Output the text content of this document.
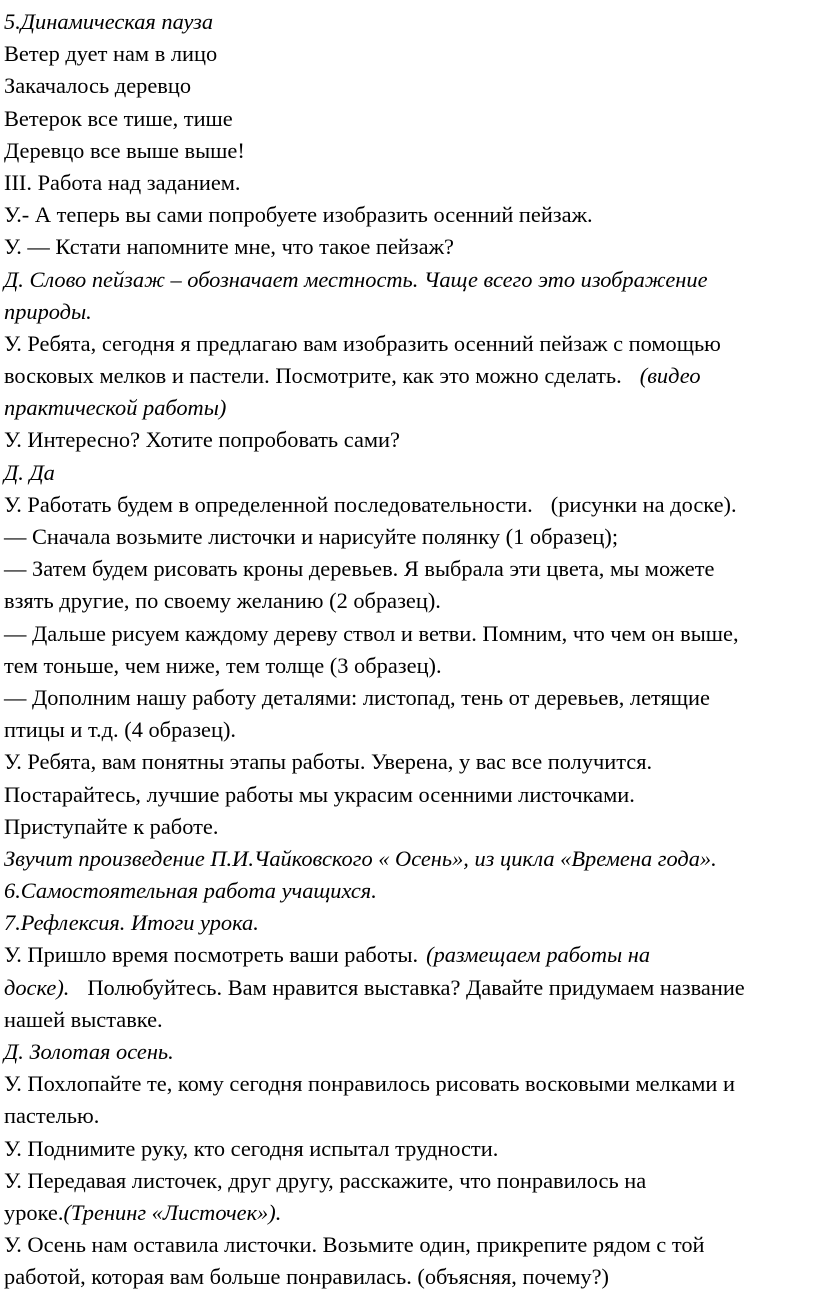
5.Динамическая пауза
Ветер дует нам в лицо
Закачалось деревцо
Ветерок все тише, тише
Деревцо все выше выше!
III. Работа над заданием.
У.- А теперь вы сами попробуете изобразить осенний пейзаж.
У. — Кстати напомните мне, что такое пейзаж?
Д. Слово пейзаж – обозначает местность. Чаще всего это изображение
природы.
У. Ребята, сегодня я предлагаю вам изобразить осенний пейзаж с помощью
восковых мелков и пастели. Посмотрите, как это можно сделать. (видео
практической работы)
У. Интересно? Хотите попробовать сами?
Д. Да
У. Работать будем в определенной последовательности. (рисунки на доске).
— Сначала возьмите листочки и нарисуйте полянку (1 образец);
— Затем будем рисовать кроны деревьев. Я выбрала эти цвета, мы можете
взять другие, по своему желанию (2 образец).
— Дальше рисуем каждому дереву ствол и ветви. Помним, что чем он выше,
тем тоньше, чем ниже, тем толще (3 образец).
— Дополним нашу работу деталями: листопад, тень от деревьев, летящие
птицы и т.д. (4 образец).
У. Ребята, вам понятны этапы работы. Уверена, у вас все получится.
Постарайтесь, лучшие работы мы украсим осенними листочками.
Приступайте к работе.
Звучит произведение П.И.Чайковского « Осень», из цикла «Времена года».
6.Самостоятельная работа учащихся.
7.Рефлексия. Итоги урока.
У. Пришло время посмотреть ваши работы. (размещаем работы на
доске). Полюбуйтесь. Вам нравится выставка? Давайте придумаем название
нашей выставке.
Д. Золотая осень.
У. Похлопайте те, кому сегодня понравилось рисовать восковыми мелками и
пастелью.
У. Поднимите руку, кто сегодня испытал трудности.
У. Передавая листочек, друг другу, расскажите, что понравилось на
уроке.(Тренинг «Листочек»).
У. Осень нам оставила листочки. Возьмите один, прикрепите рядом с той
работой, которая вам больше понравилась. (объясняя, почему?)
